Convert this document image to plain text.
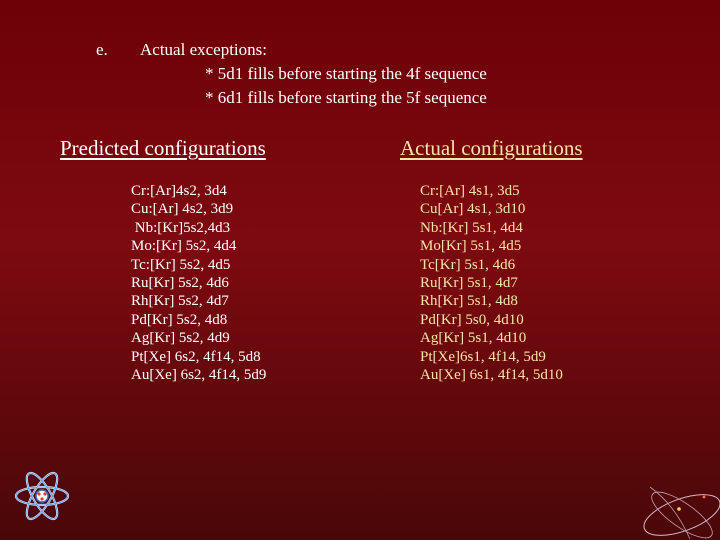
e. Actual exceptions:
* 5d1 fills before starting the 4f sequence
* 6d1 fills before starting the 5f sequence
Predicted configurations	Actual configurations
Cr:[Ar]4s2, 3d4
Cu:[Ar] 4s2, 3d9
Nb:[Kr]5s2,4d3
Mo:[Kr] 5s2, 4d4
Tc:[Kr] 5s2, 4d5
Ru[Kr] 5s2, 4d6
Rh[Kr] 5s2, 4d7
Pd[Kr] 5s2, 4d8
Ag[Kr] 5s2, 4d9
Pt[Xe] 6s2, 4f14, 5d8
Au[Xe] 6s2, 4f14, 5d9
Cr:[Ar] 4s1, 3d5
Cu[Ar] 4s1, 3d10
Nb:[Kr] 5s1, 4d4
Mo[Kr] 5s1, 4d5
Tc[Kr] 5s1, 4d6
Ru[Kr] 5s1, 4d7
Rh[Kr] 5s1, 4d8
Pd[Kr] 5s0, 4d10
Ag[Kr] 5s1, 4d10
Pt[Xe]6s1, 4f14, 5d9
Au[Xe] 6s1, 4f14, 5d10
